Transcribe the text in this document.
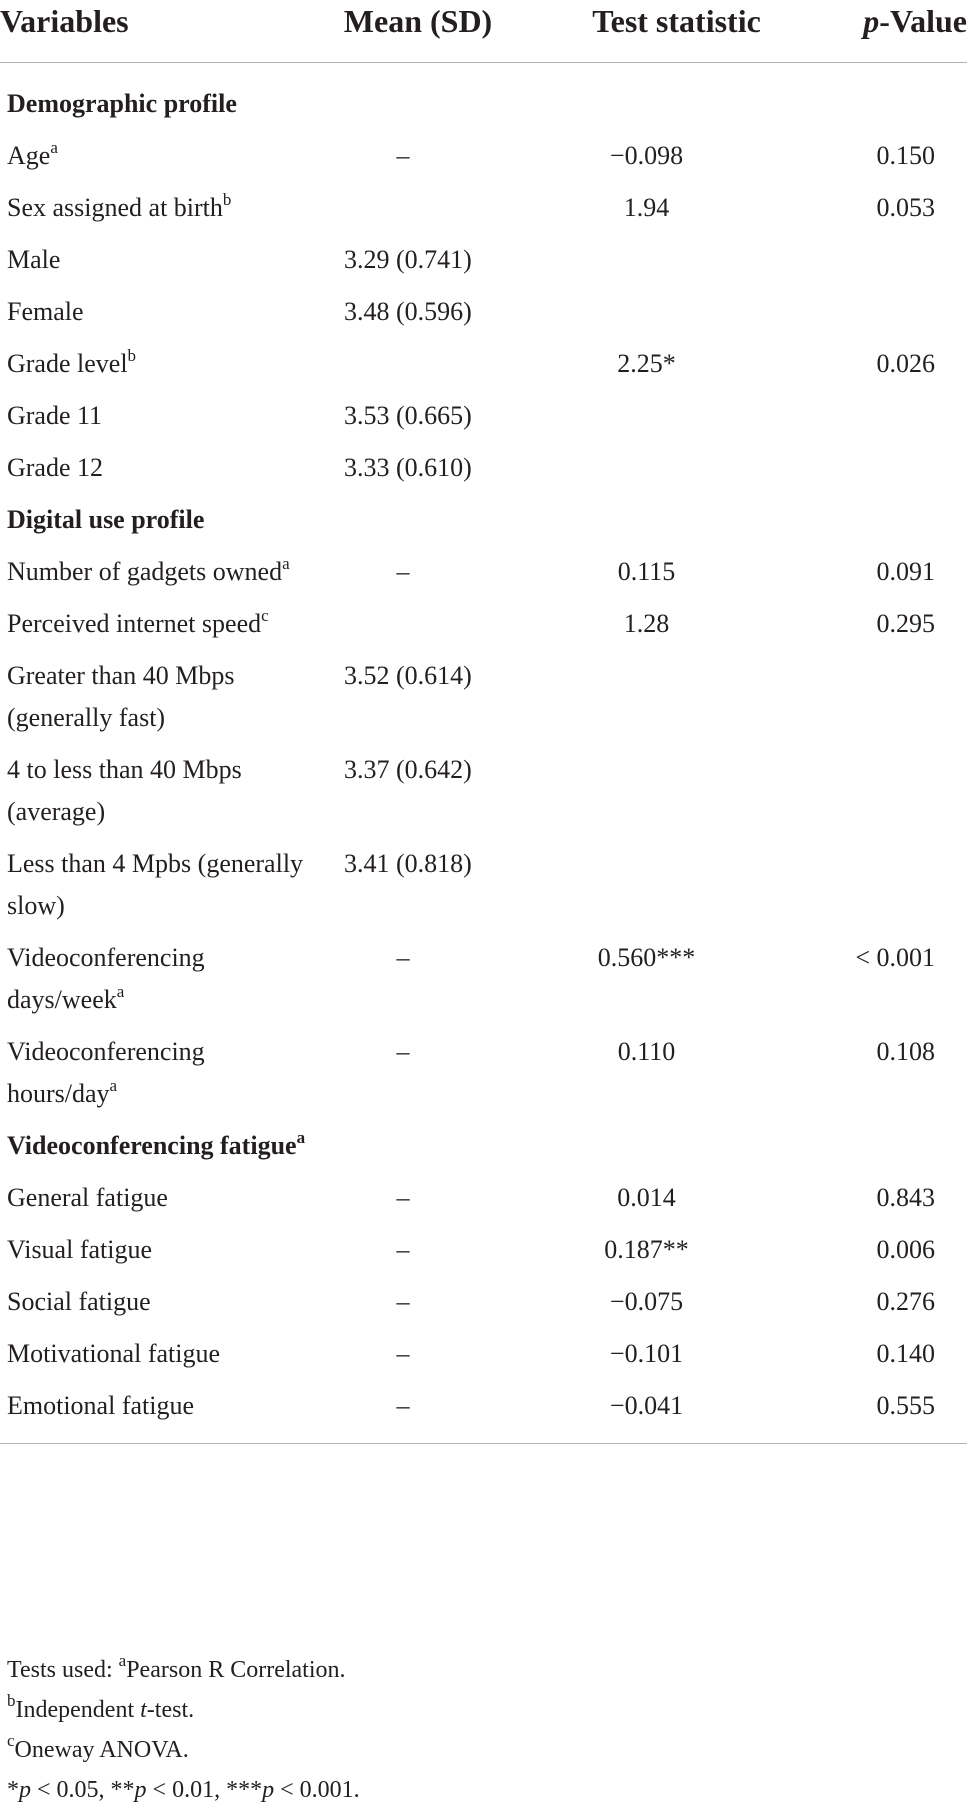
Variables	Mean (SD)	Test statistic	p-Value
Demographic profile			
Age$^a$	–	−0.098	0.150
Sex assigned at birth$^b$		1.94	0.053
Male	3.29 (0.741)		
Female	3.48 (0.596)		
Grade level$^b$		2.25*	0.026
Grade 11	3.53 (0.665)		
Grade 12	3.33 (0.610)		
Digital use profile			
Number of gadgets owned$^a$	–	0.115	0.091
Perceived internet speed$^c$		1.28	0.295
Greater than 40 Mbps (generally fast)	3.52 (0.614)		
4 to less than 40 Mbps (average)	3.37 (0.642)		
Less than 4 Mpbs (generally slow)	3.41 (0.818)		
Videoconferencing days/week$^a$	–	0.560***	< 0.001
Videoconferencing hours/day$^a$	–	0.110	0.108
Videoconferencing fatigue$^a$			
General fatigue	–	0.014	0.843
Visual fatigue	–	0.187**	0.006
Social fatigue	–	−0.075	0.276
Motivational fatigue	–	−0.101	0.140
Emotional fatigue	–	−0.041	0.555

Tests used: $^a$Pearson R Correlation.

$^b$Independent t-test.

$^c$Oneway ANOVA.

*p < 0.05, **p < 0.01, ***p < 0.001.
